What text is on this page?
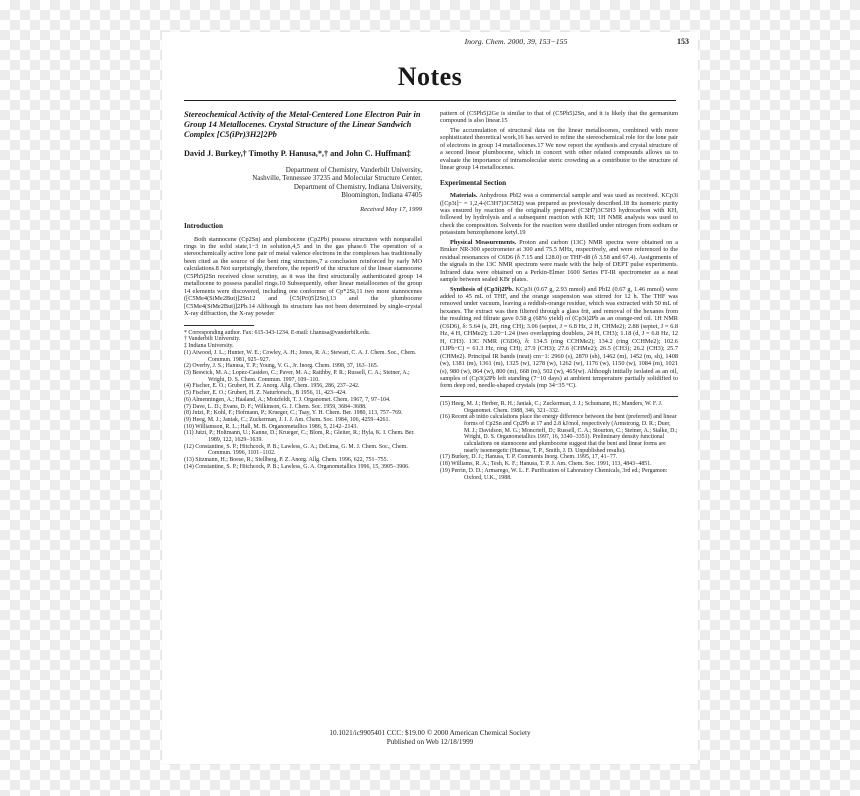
Inorg. Chem. 2000, 39, 153−155	153
Notes
Stereochemical Activity of the Metal-Centered Lone Electron Pair in Group 14 Metallocenes. Crystal Structure of the Linear Sandwich Complex [C5(iPr)3H2]2Pb
David J. Burkey,† Timothy P. Hanusa,*,† and John C. Huffman‡
Department of Chemistry, Vanderbilt University,
Nashville, Tennessee 37235 and Molecular Structure Center,
Department of Chemistry, Indiana University,
Bloomington, Indiana 47405
Received May 17, 1999
Introduction

Both stannocene (Cp2Sn) and plumbocene (Cp2Pb) possess structures with nonparallel rings in the solid state,1−3 in solution,4,5 and in the gas phase.6 The operation of a stereochemically active lone pair of metal valence electrons in the complexes has traditionally been cited as the source of the bent ring structures,7 a conclusion reinforced by early MO calculations.8 Not surprisingly, therefore, the report9 of the structure of the linear stannocene (C5Ph5)2Sn received close scrutiny, as it was the first structurally authenticated group 14 metallocene to possess parallel rings.10 Subsequently, other linear metallocenes of the group 14 elements were discovered, including one conformer of Cp*2Si,11 two more stannocenes ([C5Me4(SiMe2But)]2Sn12 and [C5(Pri)5]2Sn),13 and the plumbocene [C5Me4(SiMe2But)]2Pb.14 Although its structure has not been determined by single-crystal X-ray diffraction, the X-ray powder

* Corresponding author. Fax: 615-343-1234. E-mail: t.hanusa@vanderbilt.edu.

† Vanderbilt University.

‡ Indiana University.

(1) Atwood, J. L.; Hunter, W. E.; Cowley, A. H.; Jones, R. A.; Stewart, C. A. J. Chem. Soc., Chem. Commun. 1981, 925−927.
(2) Overby, J. S.; Hanusa, T. P.; Young, V. G., Jr. Inorg. Chem. 1998, 37, 163−165.
(3) Beswick, M. A.; Lopez-Casideo, C.; Paver, M. A.; Raithby, P. R.; Russell, C. A.; Steiner, A.; Wright, D. S. Chem. Commun. 1997, 109−110.
(4) Fischer, E. O.; Grubert, H. Z. Anorg. Allg. Chem. 1956, 286, 237−242.
(5) Fischer, E. O.; Grubert, H. Z. Naturforsch., B 1956, 11, 423−424.
(6) Almenningen, A.; Haaland, A.; Motzfeldt, T. J. Organomet. Chem. 1967, 7, 97−104.
(7) Dave, L. D.; Evans, D. F.; Wilkinson, G. J. Chem. Soc. 1959, 3684−3688.
(8) Jutzi, P.; Kohl, F.; Hofmann, P.; Krueger, C.; Tsay, Y. H. Chem. Ber. 1980, 113, 757−769.
(9) Heeg, M. J.; Janiak, C.; Zuckerman, J. J. J. Am. Chem. Soc. 1984, 106, 4259−4261.
(10) Williamson, R. L.; Hall, M. B. Organometallics 1986, 5, 2142−2143.
(11) Jutzi, P.; Holtmann, U.; Kanne, D.; Krueger, C.; Blom, R.; Gleiter, R.; Hyla, K. I. Chem. Ber. 1989, 122, 1629−1639.
(12) Constantine, S. P.; Hitchcock, P. B.; Lawless, G. A.; DeLima, G. M. J. Chem. Soc., Chem. Commun. 1996, 1101−1102.
(13) Sitzmann, H.; Boese, R.; Stellberg, P. Z. Anorg. Allg. Chem. 1996, 622, 751−755.
(14) Constantine, S. P.; Hitchcock, P. B.; Lawless, G. A. Organometallics 1996, 15, 3905−3906.

pattern of (C5Ph5)2Ge is similar to that of (C5Ph5)2Sn, and it is likely that the germanium compound is also linear.15

The accumulation of structural data on the linear metallocenes, combined with more sophisticated theoretical work,16 has served to refine the stereochemical role for the lone pair of electrons in group 14 metallocenes.17 We now report the synthesis and crystal structure of a second linear plumbocene, which in concert with other related compounds allows us to evaluate the importance of intramolecular steric crowding as a contributor to the structure of linear group 14 metallocenes.

Experimental Section

Materials. Anhydrous PbI2 was a commercial sample and was used as received. KCp3i ([Cp3i]− = 1,2,4-(C3H7)3C5H2) was prepared as previously described.18 Its isomeric purity was ensured by reaction of the originally prepared (C3H7)3C5H3 hydrocarbon with KH, followed by hydrolysis and a subsequent reaction with KH; 1H NMR analysis was used to check the composition. Solvents for the reaction were distilled under nitrogen from sodium or potassium benzophenone ketyl.19

Physical Measurements. Proton and carbon (13C) NMR spectra were obtained on a Bruker NR-300 spectrometer at 300 and 75.5 MHz, respectively, and were referenced to the residual resonances of C6D6 (δ 7.15 and 128.0) or THF-d8 (δ 3.58 and 67.4). Assignments of the signals in the 13C NMR spectrum were made with the help of DEPT pulse experiments. Infrared data were obtained on a Perkin-Elmer 1600 Series FT-IR spectrometer as a neat sample between sealed KBr plates.

Synthesis of (Cp3i)2Pb. KCp3i (0.67 g, 2.93 mmol) and PbI2 (0.67 g, 1.46 mmol) were added to 45 mL of THF, and the orange suspension was stirred for 12 h. The THF was removed under vacuum, leaving a reddish-orange residue, which was extracted with 50 mL of hexanes. The extract was then filtered through a glass frit, and removal of the hexanes from the resulting red filtrate gave 0.58 g (68% yield) of (Cp3i)2Pb as an orange-red oil. 1H NMR (C6D6), δ: 5.64 (s, 2H, ring CH); 3.06 (septet, J = 6.8 Hz, 2 H, CHMe2); 2.88 (septet, J = 6.8 Hz, 4 H, CHMe2); 1.20−1.24 (two overlapping doublets, 24 H, CH3); 1.18 (d, J = 6.8 Hz, 12 H, CH3). 13C NMR (C6D6), δ: 134.5 (ring CCHMe2); 134.2 (ring CCHMe2); 102.6 (1JPb−C) = 61.3 Hz, ring CH); 27.9 (CH3); 27.6 (CHMe2); 26.5 (CH3); 26.2 (CH3); 25.7 (CHMe2). Principal IR bands (neat) cm−1: 2960 (s), 2870 (sh), 1462 (m), 1452 (m, sh), 1408 (w), 1381 (m), 1361 (m), 1325 (w), 1278 (w), 1262 (w), 1176 (w), 1150 (w), 1084 (m), 1021 (s), 980 (w), 864 (w), 800 (m), 668 (m), 502 (w), 465(w). Although initially isolated as an oil, samples of (Cp3i)2Pb left standing (7−10 days) at ambient temperature partially solidified to form deep red, needle-shaped crystals (mp 34−35 °C).

(15) Heeg, M. J.; Herber, R. H.; Janiak, C.; Zuckerman, J. J.; Schumann, H.; Manders, W. F. J. Organomet. Chem. 1988, 346, 321−332.
(16) Recent ab initio calculations place the energy difference between the bent (preferred) and linear forms of Cp2Sn and Cp2Pb at 17 and 2.8 kJ/mol, respectively (Armstrong, D. R.; Duer, M. J.; Davidson, M. G.; Moncrieff, D.; Russell, C. A.; Stourton, C.; Steiner, A.; Stalke, D.; Wright, D. S. Organometallics 1997, 16, 3340−3351). Preliminary density functional calculations on stannocene and plumbocene suggest that the bent and linear forms are nearly isoenergetic (Hanusa, T. P., Smith, J. D. Unpublished results).
(17) Burkey, D. J.; Hanusa, T. P. Comments Inorg. Chem. 1995, 17, 41−77.
(18) Williams, R. A.; Tesh, K. F.; Hanusa, T. P. J. Am. Chem. Soc. 1991, 113, 4843−4851.
(19) Perrin, D. D.; Armarego, W. L. F. Purification of Laboratory Chemicals, 3rd ed.; Pergamon: Oxford, U.K., 1988.
10.1021/ic9905401 CCC: $19.00 © 2000 American Chemical Society
Published on Web 12/18/1999
